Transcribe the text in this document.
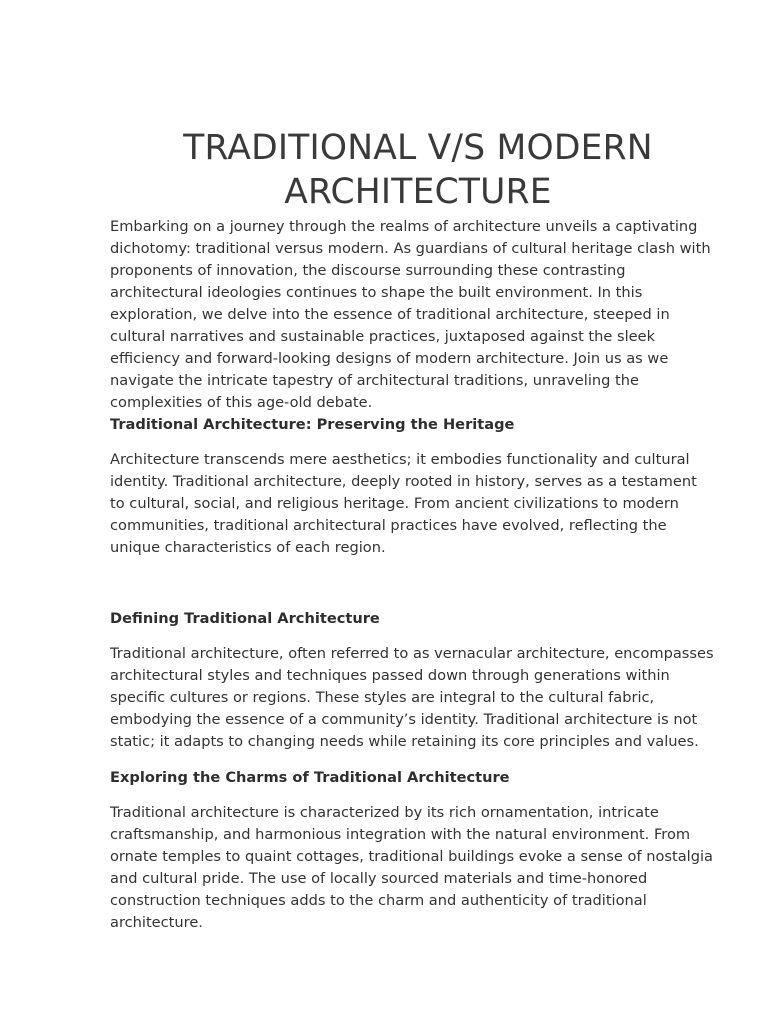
TRADITIONAL V/S MODERN ARCHITECTURE

Embarking on a journey through the realms of architecture unveils a captivating dichotomy: traditional versus modern. As guardians of cultural heritage clash with proponents of innovation, the discourse surrounding these contrasting architectural ideologies continues to shape the built environment. In this exploration, we delve into the essence of traditional architecture, steeped in cultural narratives and sustainable practices, juxtaposed against the sleek efficiency and forward-looking designs of modern architecture. Join us as we navigate the intricate tapestry of architectural traditions, unraveling the complexities of this age-old debate.

Traditional Architecture: Preserving the Heritage

Architecture transcends mere aesthetics; it embodies functionality and cultural identity. Traditional architecture, deeply rooted in history, serves as a testament to cultural, social, and religious heritage. From ancient civilizations to modern communities, traditional architectural practices have evolved, reflecting the unique characteristics of each region.

Defining Traditional Architecture

Traditional architecture, often referred to as vernacular architecture, encompasses architectural styles and techniques passed down through generations within specific cultures or regions. These styles are integral to the cultural fabric, embodying the essence of a community’s identity. Traditional architecture is not static; it adapts to changing needs while retaining its core principles and values.

Exploring the Charms of Traditional Architecture

Traditional architecture is characterized by its rich ornamentation, intricate craftsmanship, and harmonious integration with the natural environment. From ornate temples to quaint cottages, traditional buildings evoke a sense of nostalgia and cultural pride. The use of locally sourced materials and time-honored construction techniques adds to the charm and authenticity of traditional architecture.
